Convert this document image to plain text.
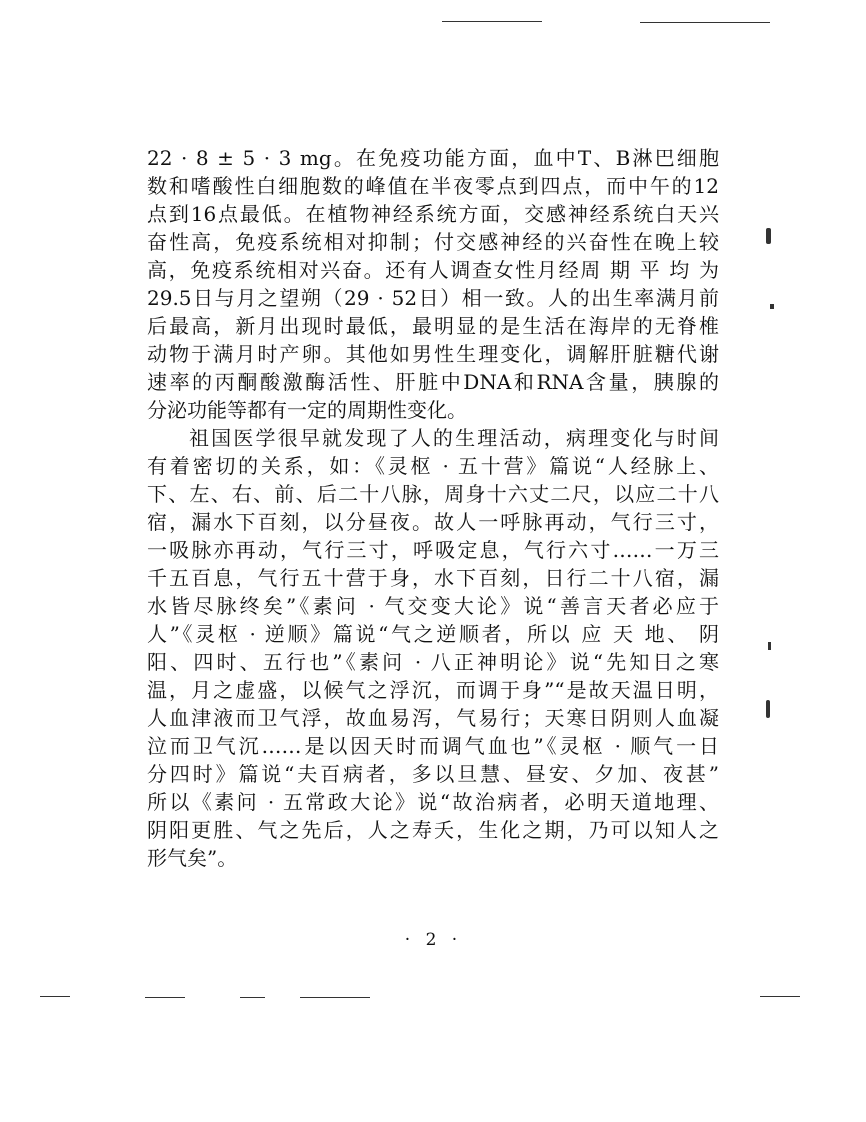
22 · 8 ± 5 · 3 mg。在免疫功能方面，血中T、B淋巴细胞
数和嗜酸性白细胞数的峰值在半夜零点到四点，而中午的12
点到16点最低。在植物神经系统方面，交感神经系统白天兴
奋性高，免疫系统相对抑制；付交感神经的兴奋性在晚上较
高，免疫系统相对兴奋。还有人调查女性月经周 期 平 均 为
29.5日与月之望朔（29 · 52日）相一致。人的出生率满月前
后最高，新月出现时最低，最明显的是生活在海岸的无脊椎
动物于满月时产卵。其他如男性生理变化，调解肝脏糖代谢
速率的丙酮酸激酶活性、肝脏中DNA和RNA含量，胰腺的
分泌功能等都有一定的周期性变化。
祖国医学很早就发现了人的生理活动，病理变化与时间
有着密切的关系，如：《灵枢 · 五十营》篇说“人经脉上、
下、左、右、前、后二十八脉，周身十六丈二尺，以应二十八
宿，漏水下百刻，以分昼夜。故人一呼脉再动，气行三寸，
一吸脉亦再动，气行三寸，呼吸定息，气行六寸……一万三
千五百息，气行五十营于身，水下百刻，日行二十八宿，漏
水皆尽脉终矣”《素问 · 气交变大论》说“善言天者必应于
人”《灵枢 · 逆顺》篇说“气之逆顺者，所以 应 天 地、 阴
阳、四时、五行也”《素问 · 八正神明论》说“先知日之寒
温，月之虚盛，以候气之浮沉，而调于身”“是故天温日明，
人血津液而卫气浮，故血易泻，气易行；天寒日阴则人血凝
泣而卫气沉……是以因天时而调气血也”《灵枢 · 顺气一日
分四时》篇说“夫百病者，多以旦慧、昼安、夕加、夜甚”
所以《素问 · 五常政大论》说“故治病者，必明天道地理、
阴阳更胜、气之先后，人之寿夭，生化之期，乃可以知人之
形气矣”。
· 2 ·
